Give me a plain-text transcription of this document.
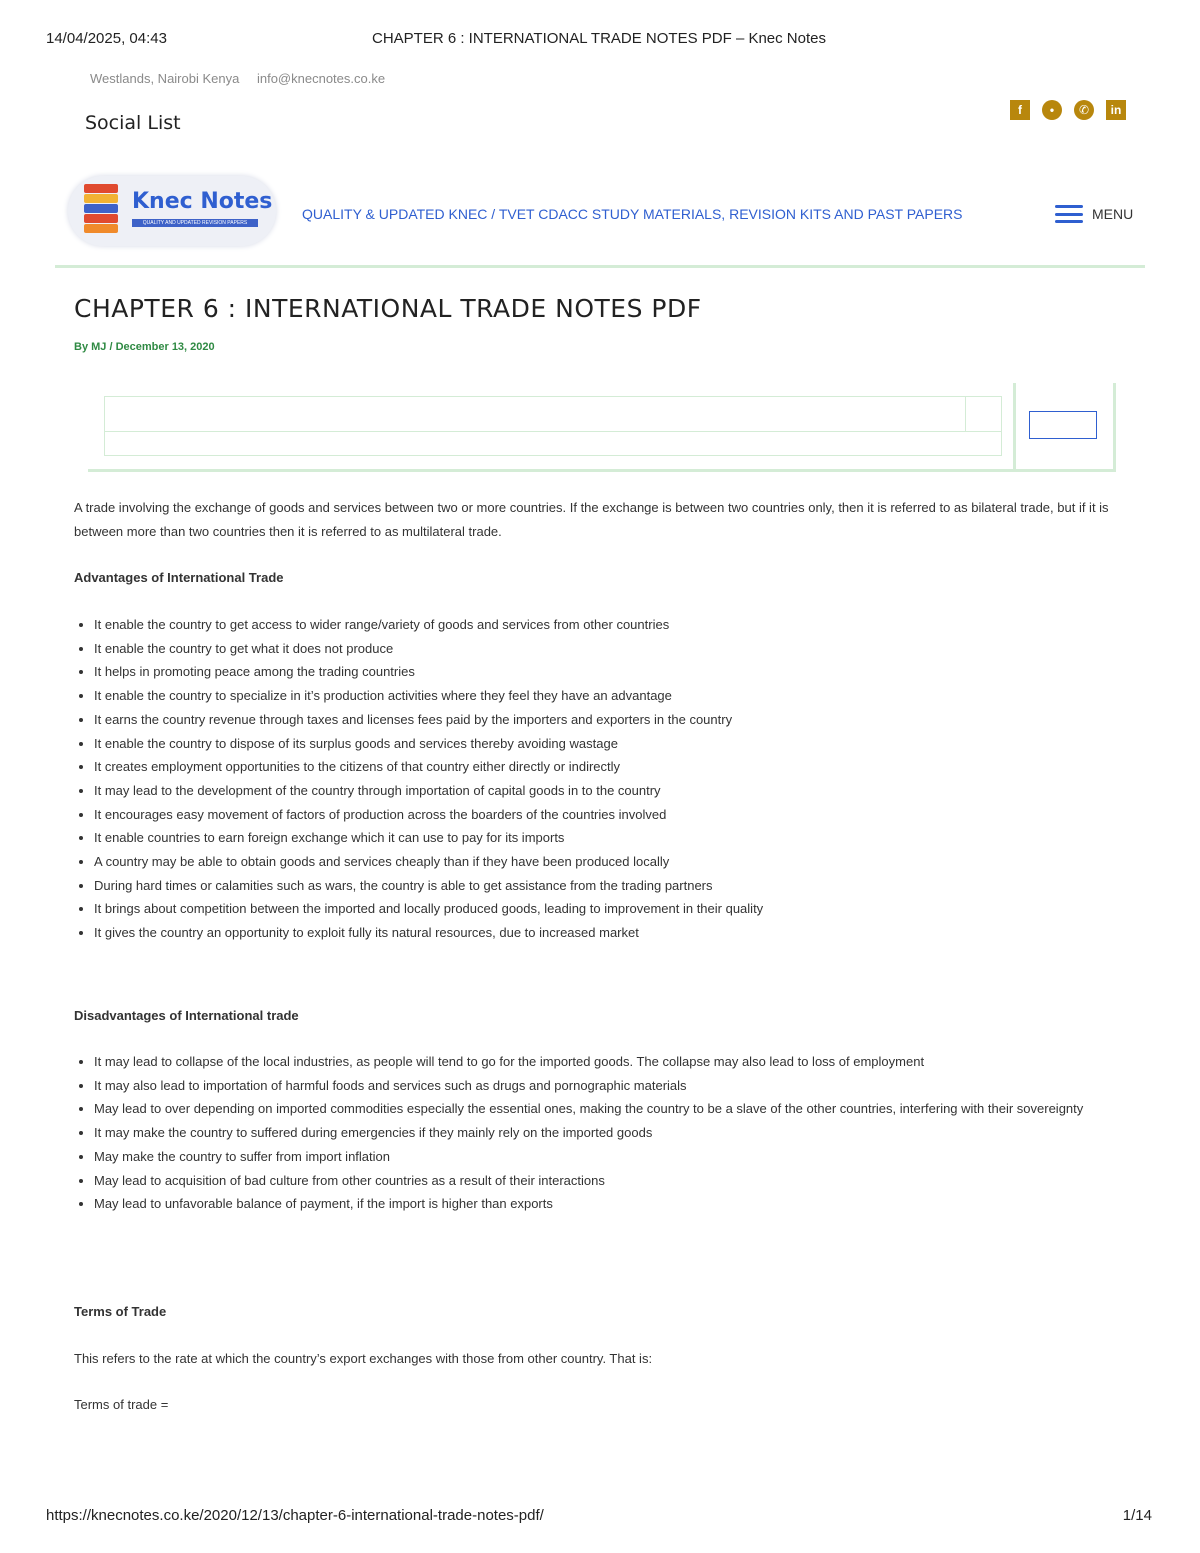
14/04/2025, 04:43	CHAPTER 6 : INTERNATIONAL TRADE NOTES PDF – Knec Notes
Westlands, Nairobi Kenya info@knecnotes.co.ke
Social List
f	•	✆	in
Knec Notes
QUALITY AND UPDATED REVISION PAPERS
QUALITY & UPDATED KNEC / TVET CDACC STUDY MATERIALS, REVISION KITS AND PAST PAPERS	MENU
CHAPTER 6 : INTERNATIONAL TRADE NOTES PDF
By MJ / December 13, 2020

A trade involving the exchange of goods and services between two or more countries. If the exchange is between two countries only, then it is referred to as bilateral trade, but if it is between more than two countries then it is referred to as multilateral trade.

Advantages of International Trade
• It enable the country to get access to wider range/variety of goods and services from other countries
• It enable the country to get what it does not produce
• It helps in promoting peace among the trading countries
• It enable the country to specialize in it’s production activities where they feel they have an advantage
• It earns the country revenue through taxes and licenses fees paid by the importers and exporters in the country
• It enable the country to dispose of its surplus goods and services thereby avoiding wastage
• It creates employment opportunities to the citizens of that country either directly or indirectly
• It may lead to the development of the country through importation of capital goods in to the country
• It encourages easy movement of factors of production across the boarders of the countries involved
• It enable countries to earn foreign exchange which it can use to pay for its imports
• A country may be able to obtain goods and services cheaply than if they have been produced locally
• During hard times or calamities such as wars, the country is able to get assistance from the trading partners
• It brings about competition between the imported and locally produced goods, leading to improvement in their quality
• It gives the country an opportunity to exploit fully its natural resources, due to increased market
Disadvantages of International trade
• It may lead to collapse of the local industries, as people will tend to go for the imported goods. The collapse may also lead to loss of employment
• It may also lead to importation of harmful foods and services such as drugs and pornographic materials
• May lead to over depending on imported commodities especially the essential ones, making the country to be a slave of the other countries, interfering with their sovereignty
• It may make the country to suffered during emergencies if they mainly rely on the imported goods
• May make the country to suffer from import inflation
• May lead to acquisition of bad culture from other countries as a result of their interactions
• May lead to unfavorable balance of payment, if the import is higher than exports
Terms of Trade

This refers to the rate at which the country’s export exchanges with those from other country. That is:

Terms of trade =

https://knecnotes.co.ke/2020/12/13/chapter-6-international-trade-notes-pdf/	1/14
